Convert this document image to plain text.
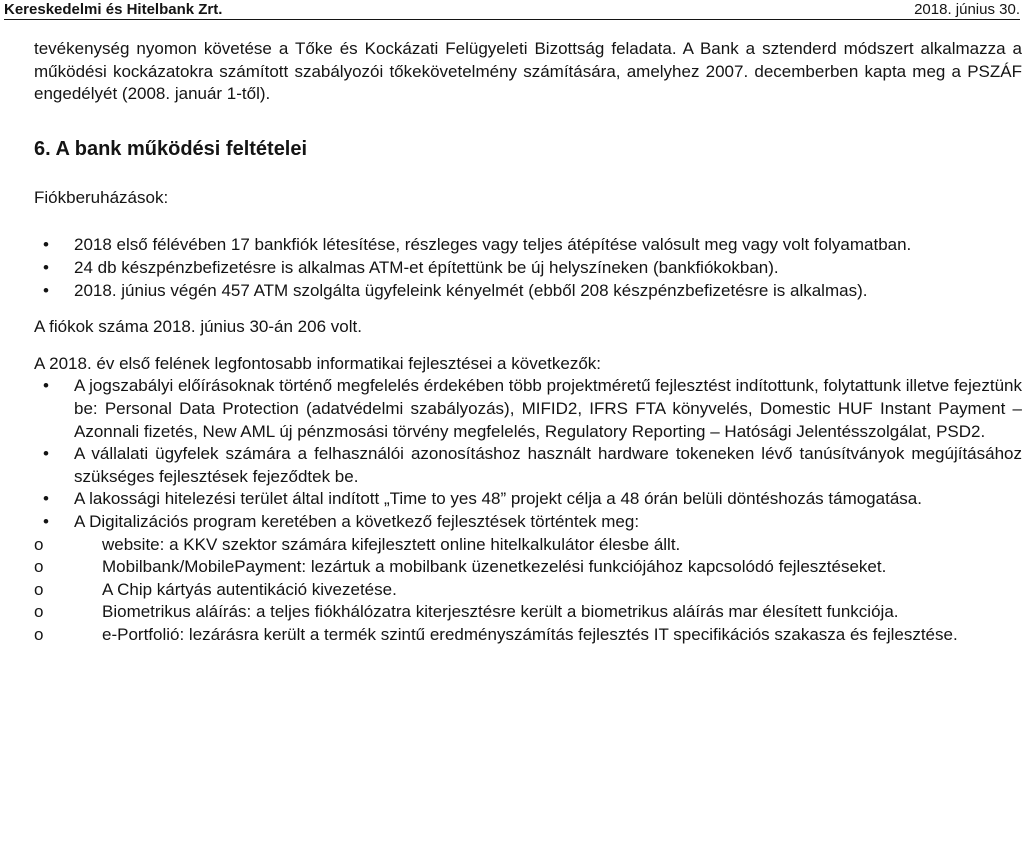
Kereskedelmi és Hitelbank Zrt.	2018. június 30.

tevékenység nyomon követése a Tőke és Kockázati Felügyeleti Bizottság feladata. A Bank a sztenderd módszert alkalmazza a működési kockázatokra számított szabályozói tőkekövetelmény számítására, amelyhez 2007. decemberben kapta meg a PSZÁF engedélyét (2008. január 1-től).

6. A bank működési feltételei

Fiókberuházások:

• 2018 első félévében 17 bankfiók létesítése, részleges vagy teljes átépítése valósult meg vagy volt folyamatban.
• 24 db készpénzbefizetésre is alkalmas ATM-et építettünk be új helyszíneken (bankfiókokban).
• 2018. június végén 457 ATM szolgálta ügyfeleink kényelmét (ebből 208 készpénzbefizetésre is alkalmas).

A fiókok száma 2018. június 30-án 206 volt.

A 2018. év első felének legfontosabb informatikai fejlesztései a következők:

• A jogszabályi előírásoknak történő megfelelés érdekében több projektméretű fejlesztést indítottunk, folytattunk illetve fejeztünk be: Personal Data Protection (adatvédelmi szabályozás), MIFID2, IFRS FTA könyvelés, Domestic HUF Instant Payment – Azonnali fizetés, New AML új pénzmosási törvény megfelelés, Regulatory Reporting – Hatósági Jelentésszolgálat, PSD2.

• A vállalati ügyfelek számára a felhasználói azonosításhoz használt hardware tokeneken lévő tanúsítványok megújításához szükséges fejlesztések fejeződtek be.

• A lakossági hitelezési terület által indított „Time to yes 48” projekt célja a 48 órán belüli döntéshozás támogatása.

• A Digitalizációs program keretében a következő fejlesztések történtek meg:

o website: a KKV szektor számára kifejlesztett online hitelkalkulátor élesbe állt.

o Mobilbank/MobilePayment: lezártuk a mobilbank üzenetkezelési funkciójához kapcsolódó fejlesztéseket.

o A Chip kártyás autentikáció kivezetése.

o Biometrikus aláírás: a teljes fiókhálózatra kiterjesztésre került a biometrikus aláírás mar élesített funkciója.

o e-Portfolió: lezárásra került a termék szintű eredményszámítás fejlesztés IT specifikációs szakasza és fejlesztése.
